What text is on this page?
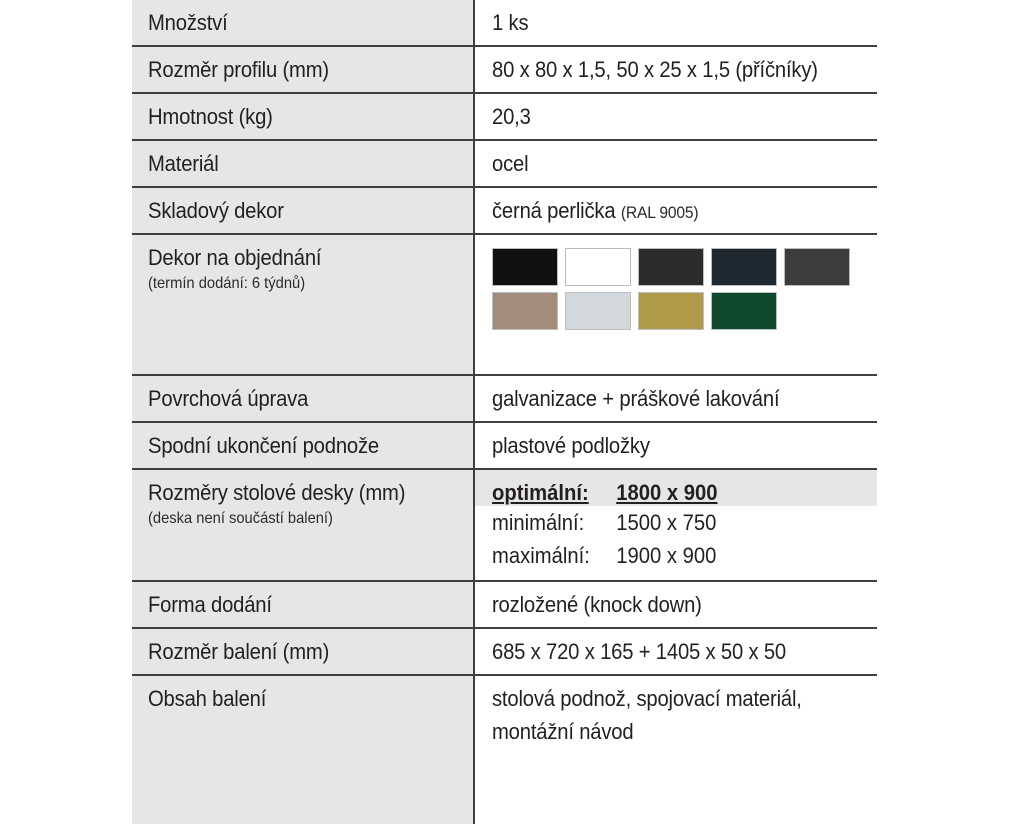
Množství	1 ks
Rozměr profilu (mm)	80 x 80 x 1,5, 50 x 25 x 1,5 (příčníky)
Hmotnost (kg)	20,3
Materiál	ocel
Skladový dekor	černá perlička (RAL 9005)
Dekor na objednání
(termín dodání: 6 týdnů)
Povrchová úprava	galvanizace + práškové lakování
Spodní ukončení podnože	plastové podložky
Rozměry stolové desky (mm)
(deska není součástí balení)
optimální:	1800 x 900
minimální:	1500 x 750
maximální:	1900 x 900
Forma dodání	rozložené (knock down)
Rozměr balení (mm)	685 x 720 x 165 + 1405 x 50 x 50
Obsah balení	stolová podnož, spojovací materiál,
montážní návod
